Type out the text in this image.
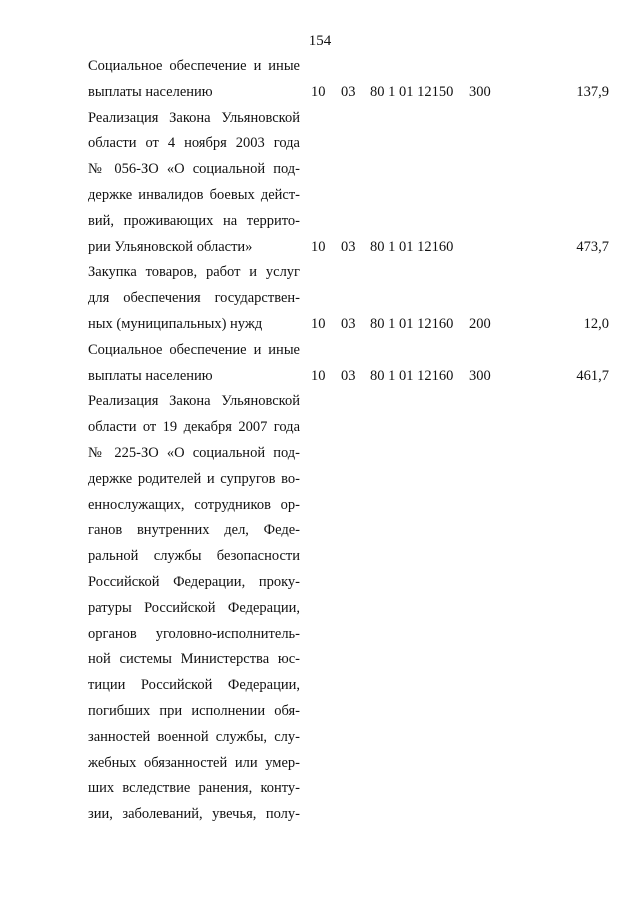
154
Социальное обеспечение и иные
выплаты населению	10 03 80 1 01 12150 300	137,9
Реализация Закона Ульяновской
области от 4 ноября 2003 года
№ 056-ЗО «О социальной под-
держке инвалидов боевых дейст-
вий, проживающих на террито-
рии Ульяновской области»	10 03 80 1 01 12160	473,7
Закупка товаров, работ и услуг
для обеспечения государствен-
ных (муниципальных) нужд	10 03 80 1 01 12160 200	12,0
Социальное обеспечение и иные
выплаты населению	10 03 80 1 01 12160 300	461,7
Реализация Закона Ульяновской
области от 19 декабря 2007 года
№ 225-ЗО «О социальной под-
держке родителей и супругов во-
еннослужащих, сотрудников ор-
ганов внутренних дел, Феде-
ральной службы безопасности
Российской Федерации, проку-
ратуры Российской Федерации,
органов уголовно-исполнитель-
ной системы Министерства юс-
тиции Российской Федерации,
погибших при исполнении обя-
занностей военной службы, слу-
жебных обязанностей или умер-
ших вследствие ранения, конту-
зии, заболеваний, увечья, полу-
